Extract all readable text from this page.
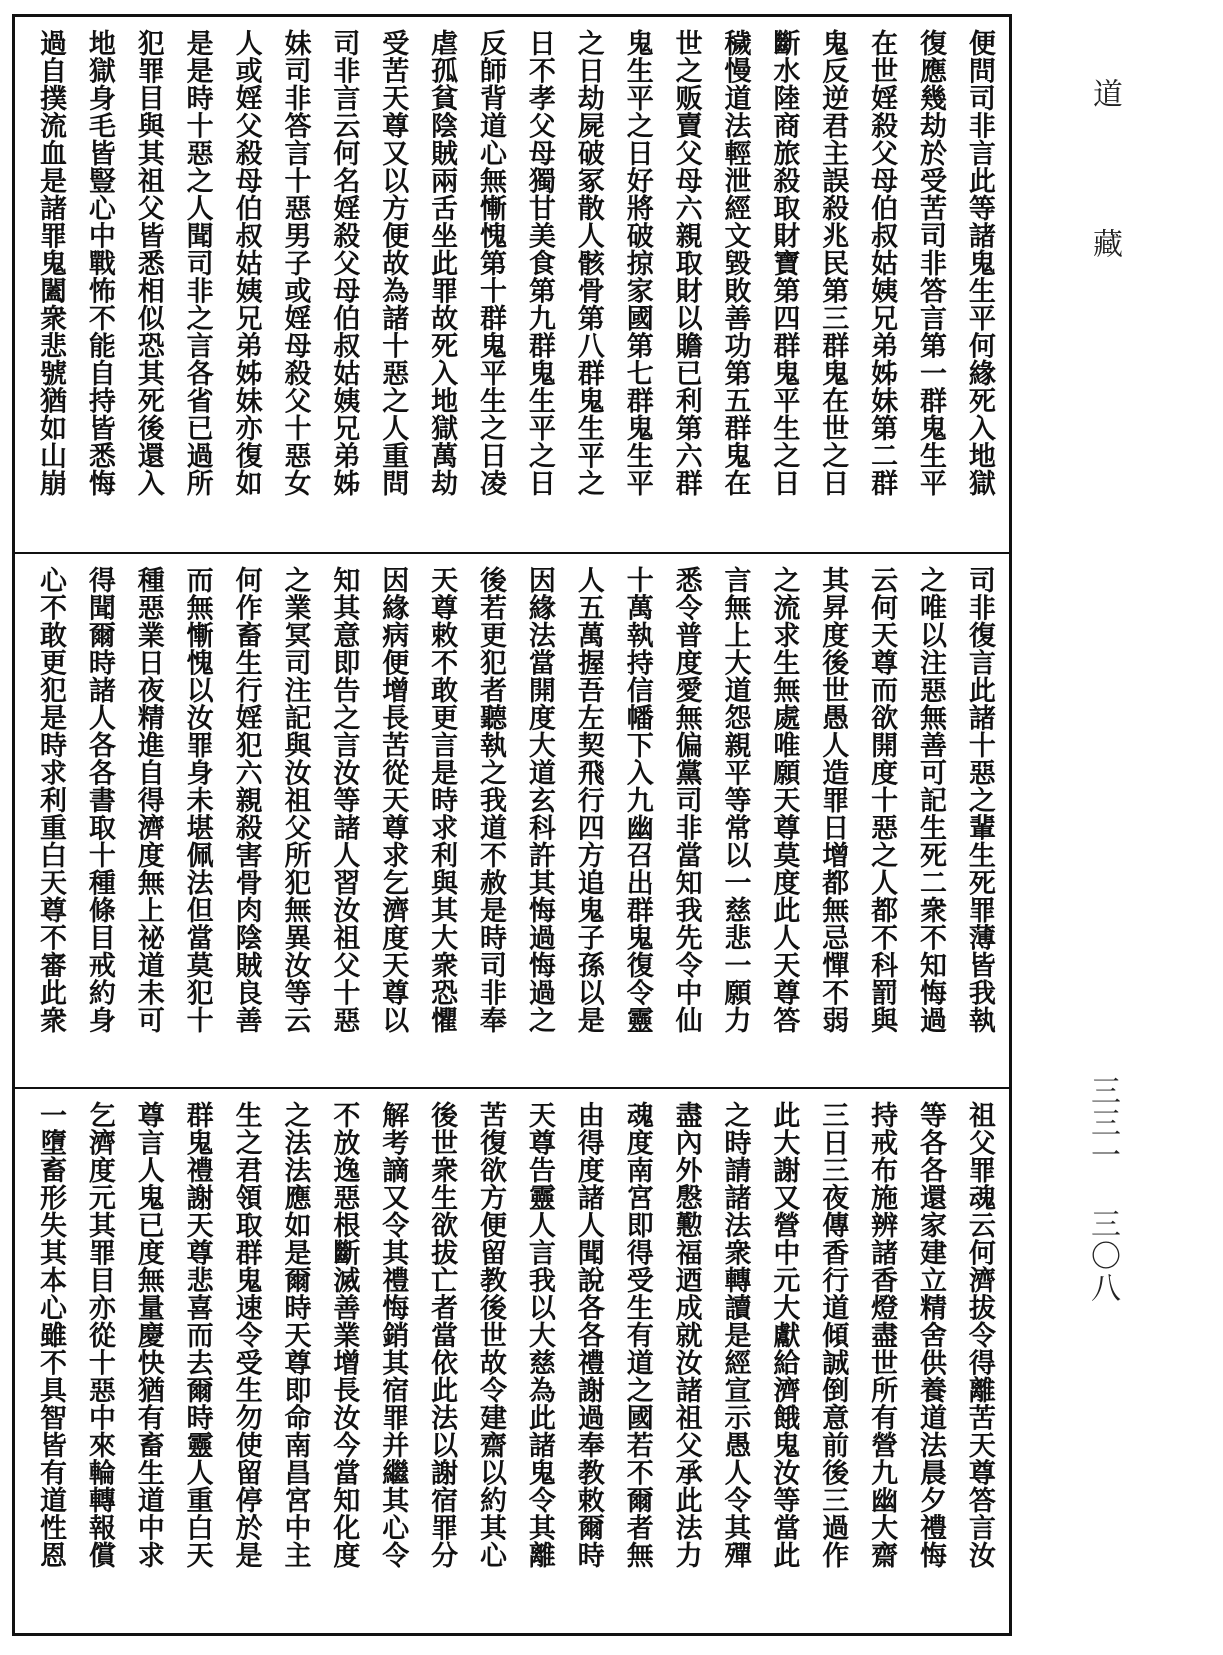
便問司非言此等諸鬼生平何緣死入地獄
復應幾劫於受苦司非答言第一群鬼生平
在世婬殺父母伯叔姑姨兄弟姊妹第二群
鬼反逆君主誤殺兆民第三群鬼在世之日
斷水陸商旅殺取財寶第四群鬼平生之日
穢慢道法輕泄經文毀敗善功第五群鬼在
世之贩賣父母六親取財以贍已利第六群
鬼生平之日好將破掠家國第七群鬼生平
之日劫屍破冢散人骸骨第八群鬼生平之
日不孝父母獨甘美食第九群鬼生平之日
反師背道心無慚愧第十群鬼平生之日凌
虐孤貧陰賊兩舌坐此罪故死入地獄萬劫
受苦天尊又以方便故為諸十惡之人重問
司非言云何名婬殺父母伯叔姑姨兄弟姊
妹司非答言十惡男子或婬母殺父十惡女
人或婬父殺母伯叔姑姨兄弟姊妹亦復如
是是時十惡之人聞司非之言各省已過所
犯罪目與其祖父皆悉相似恐其死後還入
地獄身毛皆豎心中戰怖不能自持皆悉悔
過自撲流血是諸罪鬼闔衆悲號猶如山崩
司非復言此諸十惡之輩生死罪薄皆我執
之唯以注惡無善可記生死二衆不知悔過
云何天尊而欲開度十惡之人都不科罰與
其昇度後世愚人造罪日增都無忌憚不弱
之流求生無處唯願天尊莫度此人天尊答
言無上大道怨親平等常以一慈悲一願力
悉令普度愛無偏黨司非當知我先令中仙
十萬執持信幡下入九幽召出群鬼復令靈
人五萬握吾左契飛行四方追鬼子孫以是
因緣法當開度大道玄科許其悔過悔過之
後若更犯者聽執之我道不赦是時司非奉
天尊敕不敢更言是時求利與其大衆恐懼
因緣病便增長苦從天尊求乞濟度天尊以
知其意即告之言汝等諸人習汝祖父十惡
之業冥司注記與汝祖父所犯無異汝等云
何作畜生行婬犯六親殺害骨肉陰賊良善
而無慚愧以汝罪身未堪佩法但當莫犯十
種惡業日夜精進自得濟度無上祕道未可
得聞爾時諸人各各書取十種條目戒約身
心不敢更犯是時求利重白天尊不審此衆
祖父罪魂云何濟拔令得離苦天尊答言汝
等各各還家建立精舍供養道法晨夕禮悔
持戒布施辨諸香燈盡世所有營九幽大齋
三日三夜傳香行道傾誠倒意前後三過作
此大謝又營中元大獻給濟餓鬼汝等當此
之時請諸法衆轉讀是經宣示愚人令其殫
盡內外慇懃福迺成就汝諸祖父承此法力
魂度南宮即得受生有道之國若不爾者無
由得度諸人聞說各各禮謝過奉教敕爾時
天尊告靈人言我以大慈為此諸鬼令其離
苦復欲方便留教後世故令建齋以約其心
後世衆生欲拔亡者當依此法以謝宿罪分
解考謫又令其禮悔銷其宿罪并繼其心令
不放逸惡根斷滅善業增長汝今當知化度
之法法應如是爾時天尊即命南昌宮中主
生之君領取群鬼速令受生勿使留停於是
群鬼禮謝天尊悲喜而去爾時靈人重白天
尊言人鬼已度無量慶快猶有畜生道中求
乞濟度元其罪目亦從十惡中來輪轉報償
一墮畜形失其本心雖不具智皆有道性恩
道
藏
三三一 三〇八
